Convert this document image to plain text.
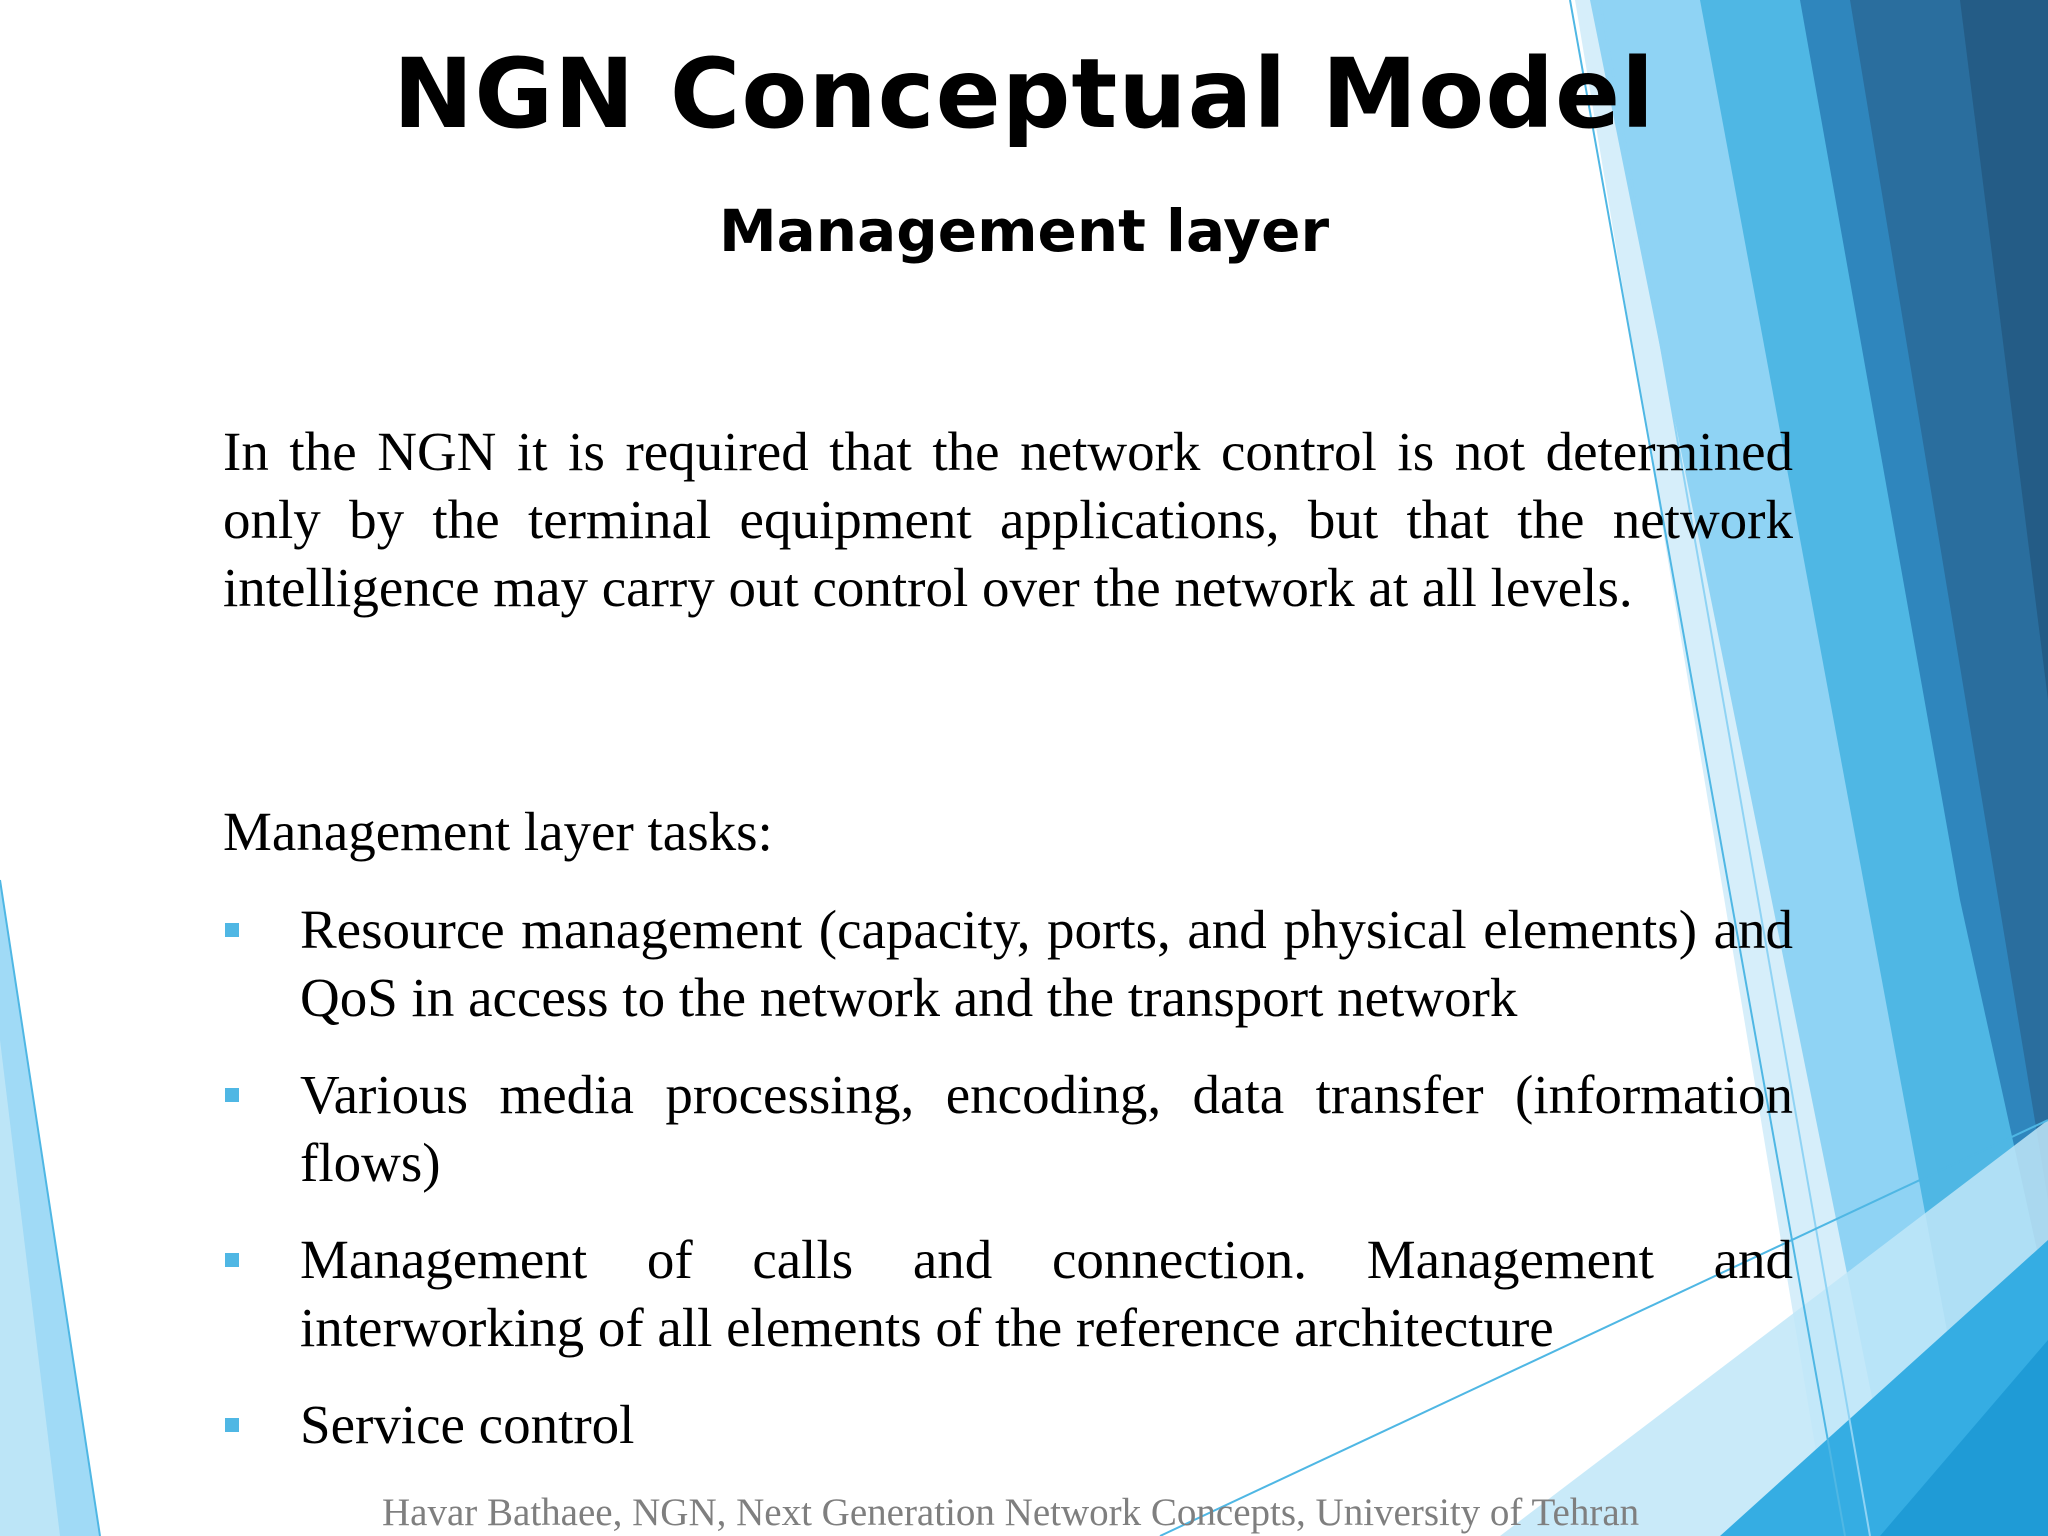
NGN Conceptual Model
Management layer

In the NGN it is required that the network control is not determined only by the terminal equipment applications, but that the network intelligence may carry out control over the network at all levels.

Management layer tasks:

Resource management (capacity, ports, and physical elements) and QoS in access to the network and the transport network
Various media processing, encoding, data transfer (information flows)
Management of calls and connection. Management and interworking of all elements of the reference architecture
Service control

Havar Bathaee, NGN, Next Generation Network Concepts, University of Tehran
